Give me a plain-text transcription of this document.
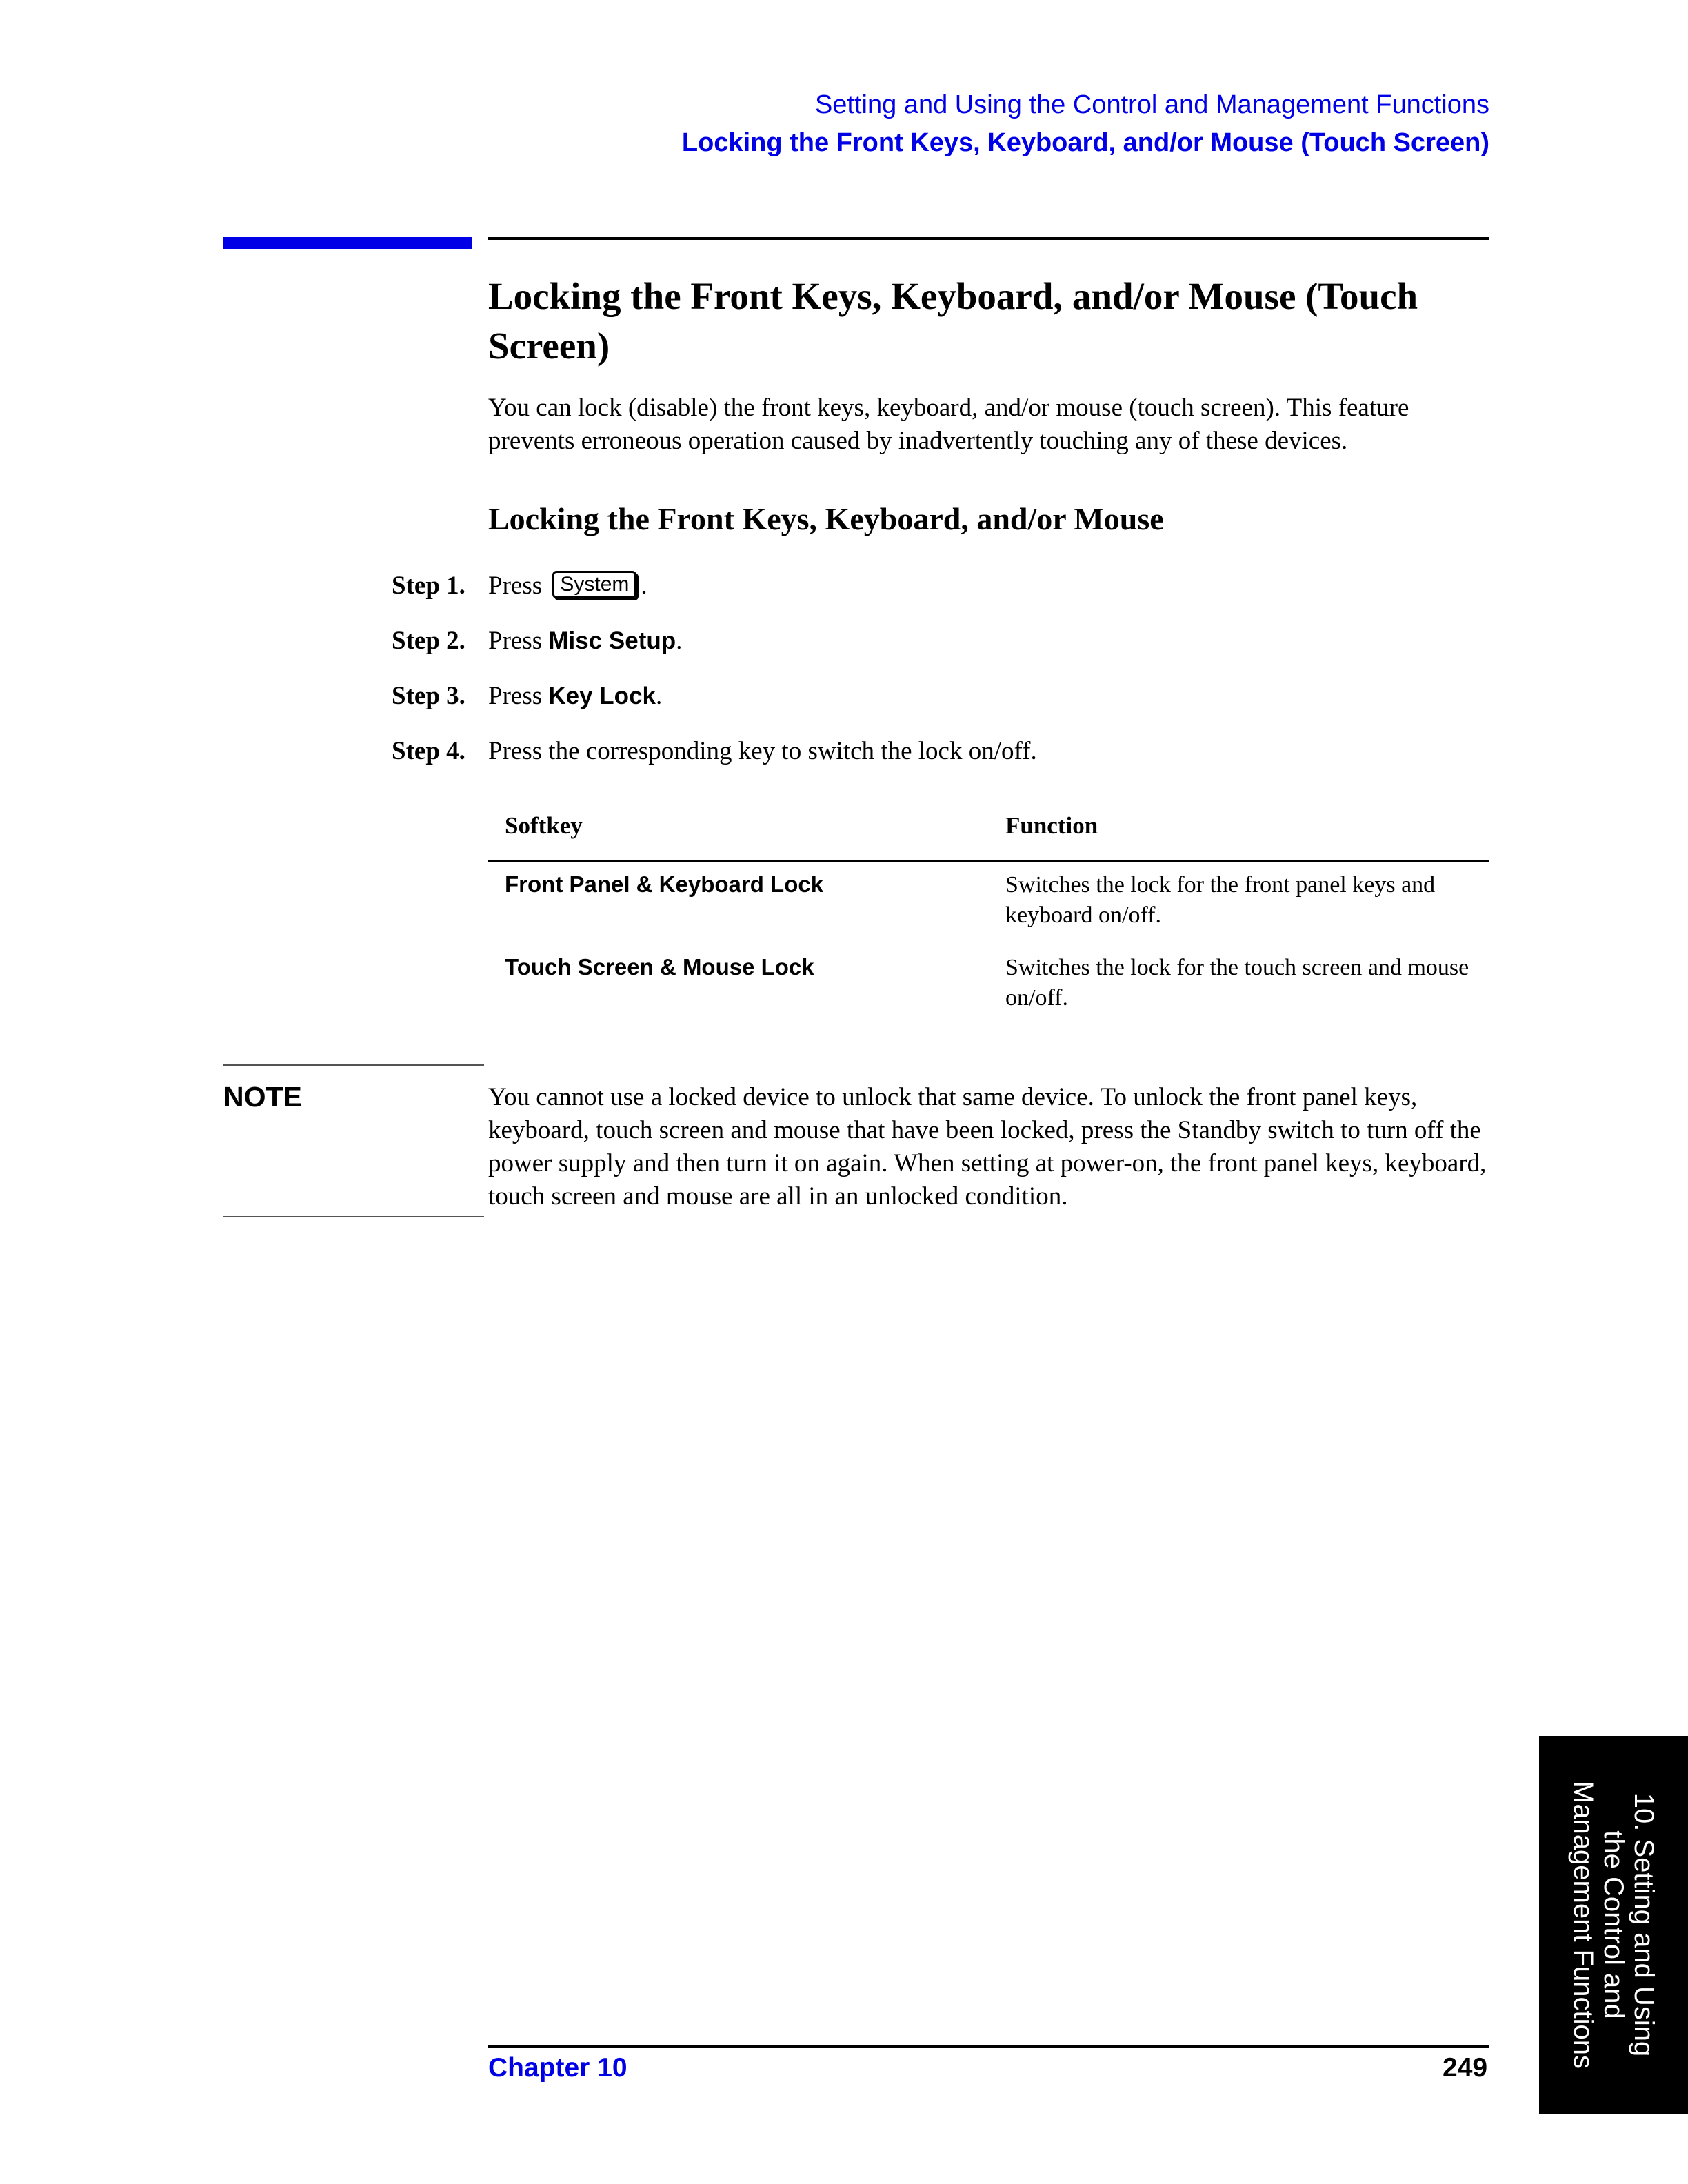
Setting and Using the Control and Management Functions
Locking the Front Keys, Keyboard, and/or Mouse (Touch Screen)
Locking the Front Keys, Keyboard, and/or Mouse (Touch Screen)
You can lock (disable) the front keys, keyboard, and/or mouse (touch screen). This feature prevents erroneous operation caused by inadvertently touching any of these devices.
Locking the Front Keys, Keyboard, and/or Mouse
Step 1. Press System .
Step 2. Press Misc Setup.
Step 3. Press Key Lock.
Step 4. Press the corresponding key to switch the lock on/off.
Softkey	Function
Front Panel & Keyboard Lock	Switches the lock for the front panel keys and keyboard on/off.
Touch Screen & Mouse Lock	Switches the lock for the touch screen and mouse on/off.
NOTE	You cannot use a locked device to unlock that same device. To unlock the front panel keys, keyboard, touch screen and mouse that have been locked, press the Standby switch to turn off the power supply and then turn it on again. When setting at power-on, the front panel keys, keyboard, touch screen and mouse are all in an unlocked condition.
Chapter 10	249
10. Setting and Using
the Control and
Management Functions
